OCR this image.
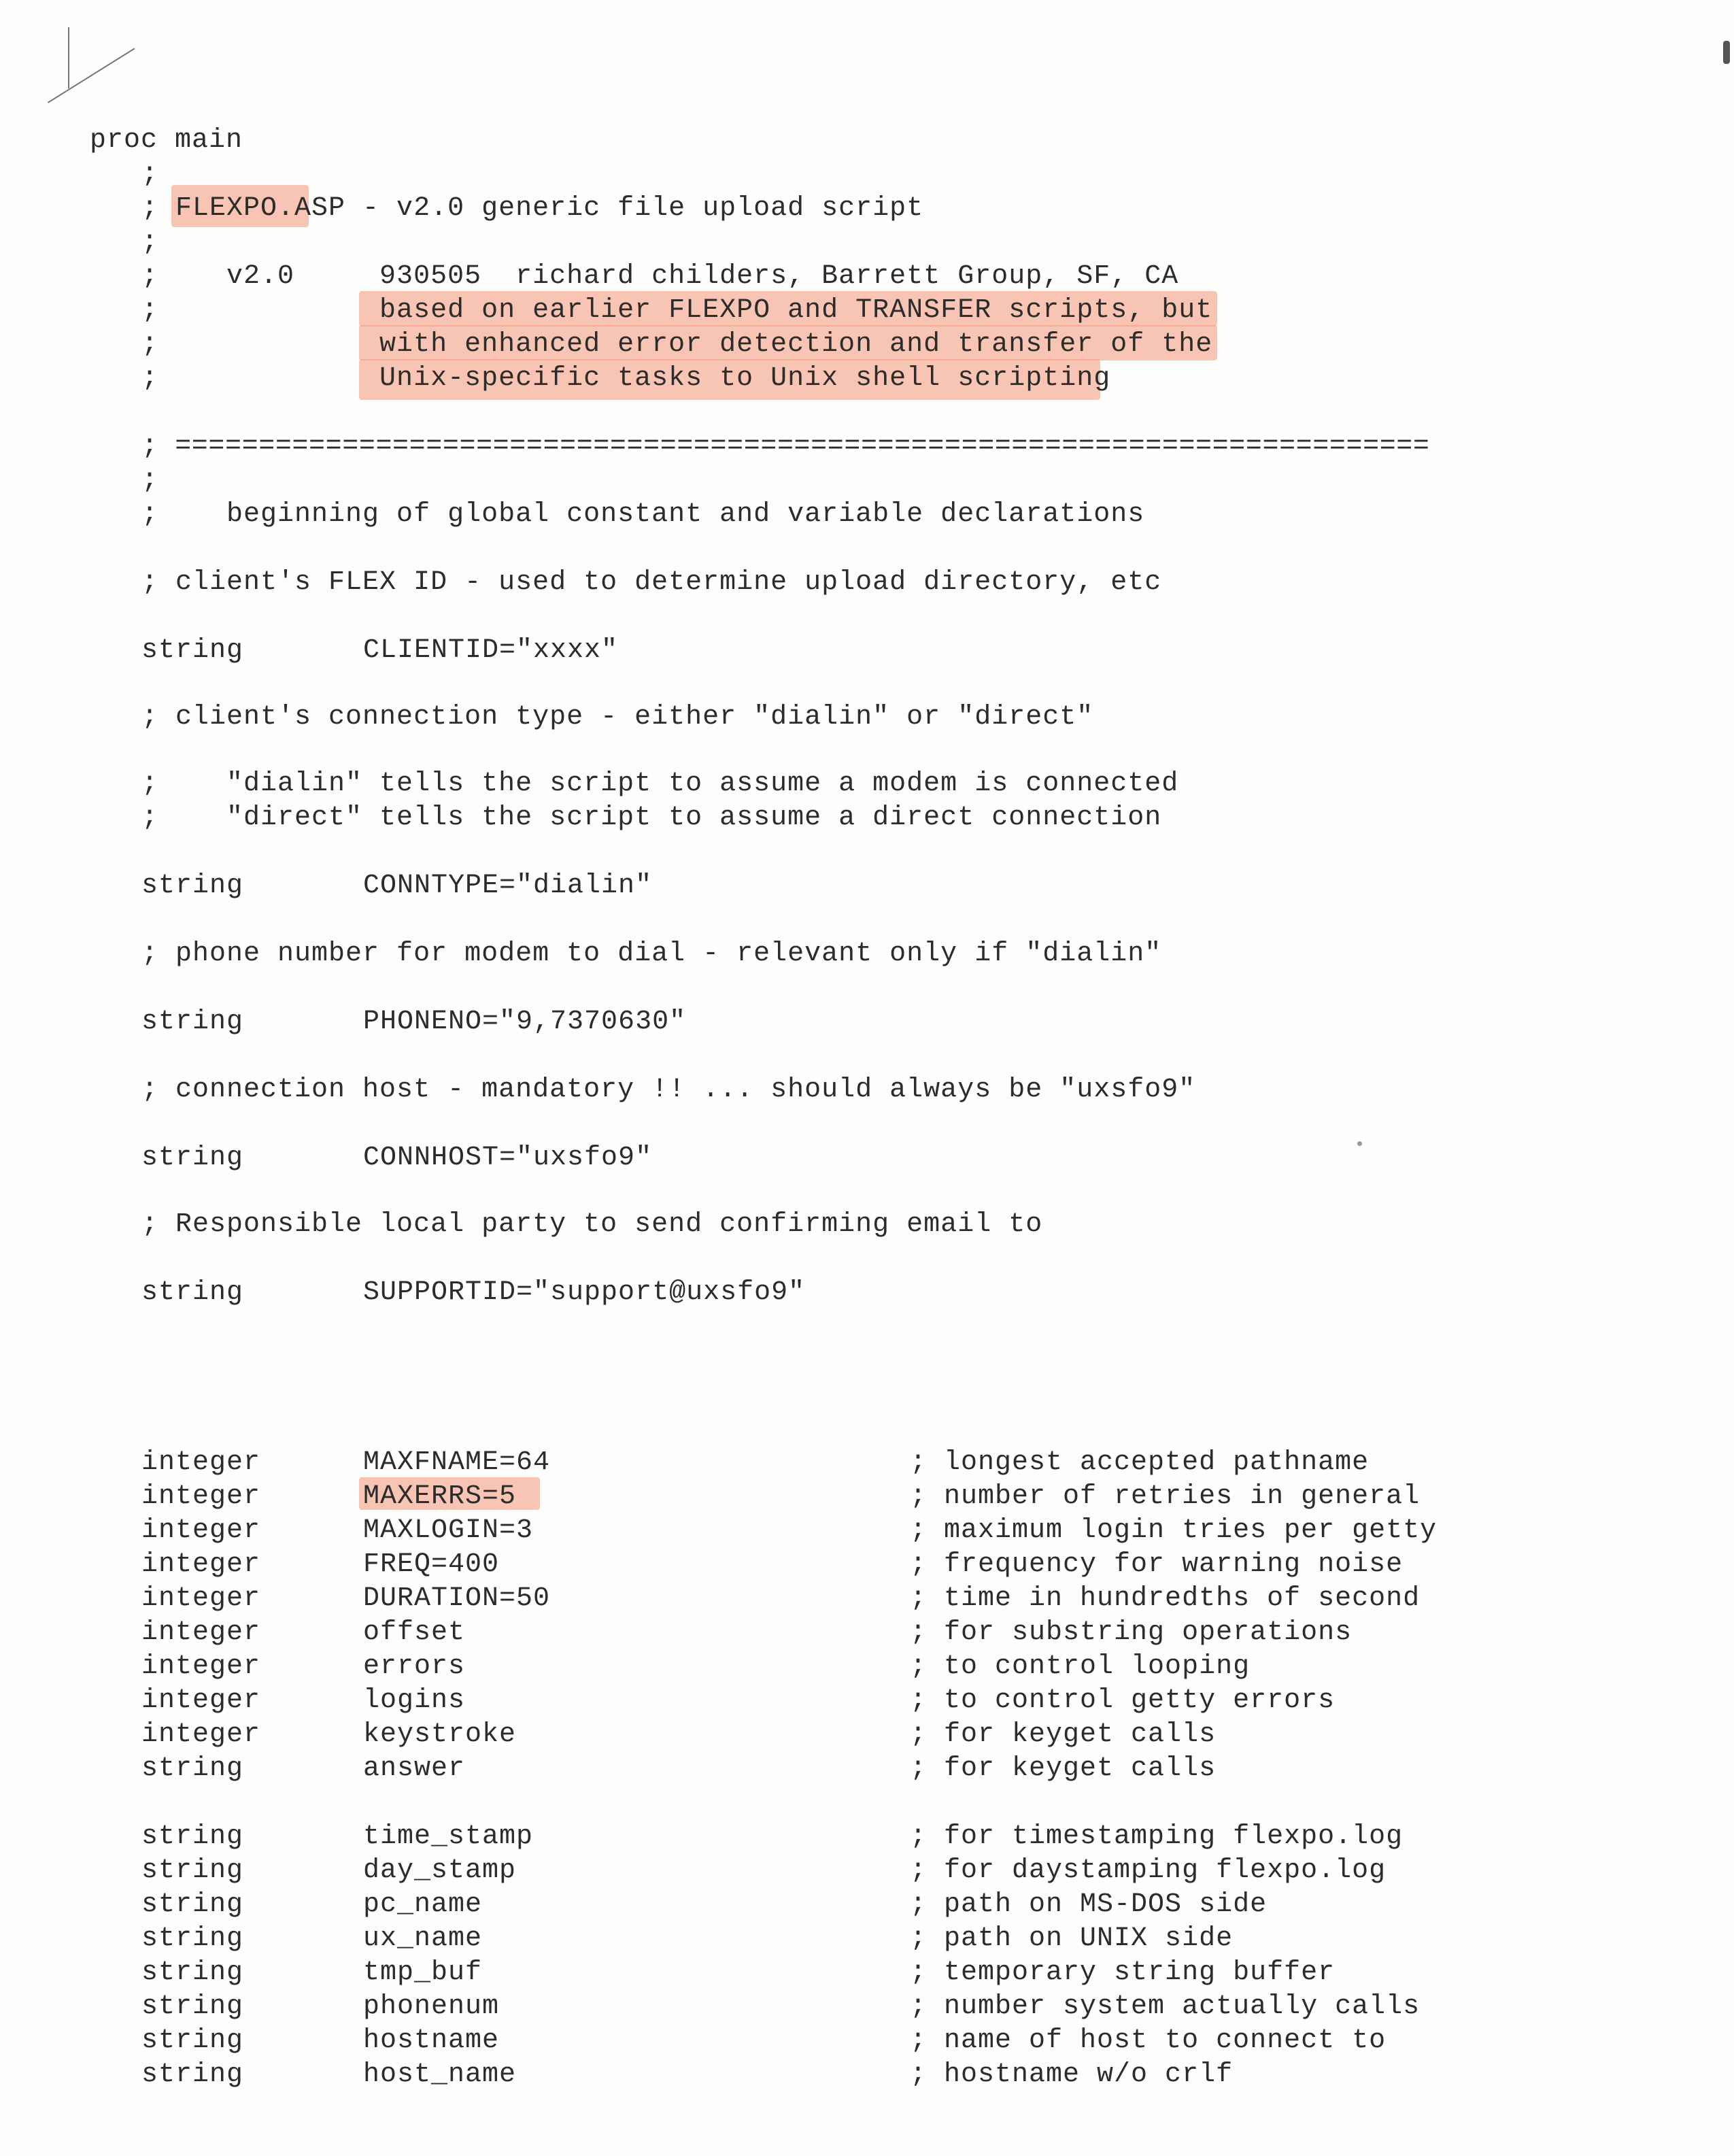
proc main
;
; FLEXPO.ASP - v2.0 generic file upload script
;
;    v2.0     930505  richard childers, Barrett Group, SF, CA
;             based on earlier FLEXPO and TRANSFER scripts, but
;             with enhanced error detection and transfer of the
;             Unix-specific tasks to Unix shell scripting
; ===========================================================================
;
;    beginning of global constant and variable declarations
; client's FLEX ID - used to determine upload directory, etc
string	CLIENTID="xxxx"
; client's connection type - either "dialin" or "direct"
;    "dialin" tells the script to assume a modem is connected
;    "direct" tells the script to assume a direct connection
string	CONNTYPE="dialin"
; phone number for modem to dial - relevant only if "dialin"
string	PHONENO="9,7370630"
; connection host - mandatory !! ... should always be "uxsfo9"
string	CONNHOST="uxsfo9"
; Responsible local party to send confirming email to
string	SUPPORTID="support@uxsfo9"
integer	MAXFNAME=64	; longest accepted pathname
integer	MAXERRS=5	; number of retries in general
integer	MAXLOGIN=3	; maximum login tries per getty
integer	FREQ=400	; frequency for warning noise
integer	DURATION=50	; time in hundredths of second
integer	offset	; for substring operations
integer	errors	; to control looping
integer	logins	; to control getty errors
integer	keystroke	; for keyget calls
string	answer	; for keyget calls
string	time_stamp	; for timestamping flexpo.log
string	day_stamp	; for daystamping flexpo.log
string	pc_name	; path on MS-DOS side
string	ux_name	; path on UNIX side
string	tmp_buf	; temporary string buffer
string	phonenum	; number system actually calls
string	hostname	; name of host to connect to
string	host_name	; hostname w/o crlf
